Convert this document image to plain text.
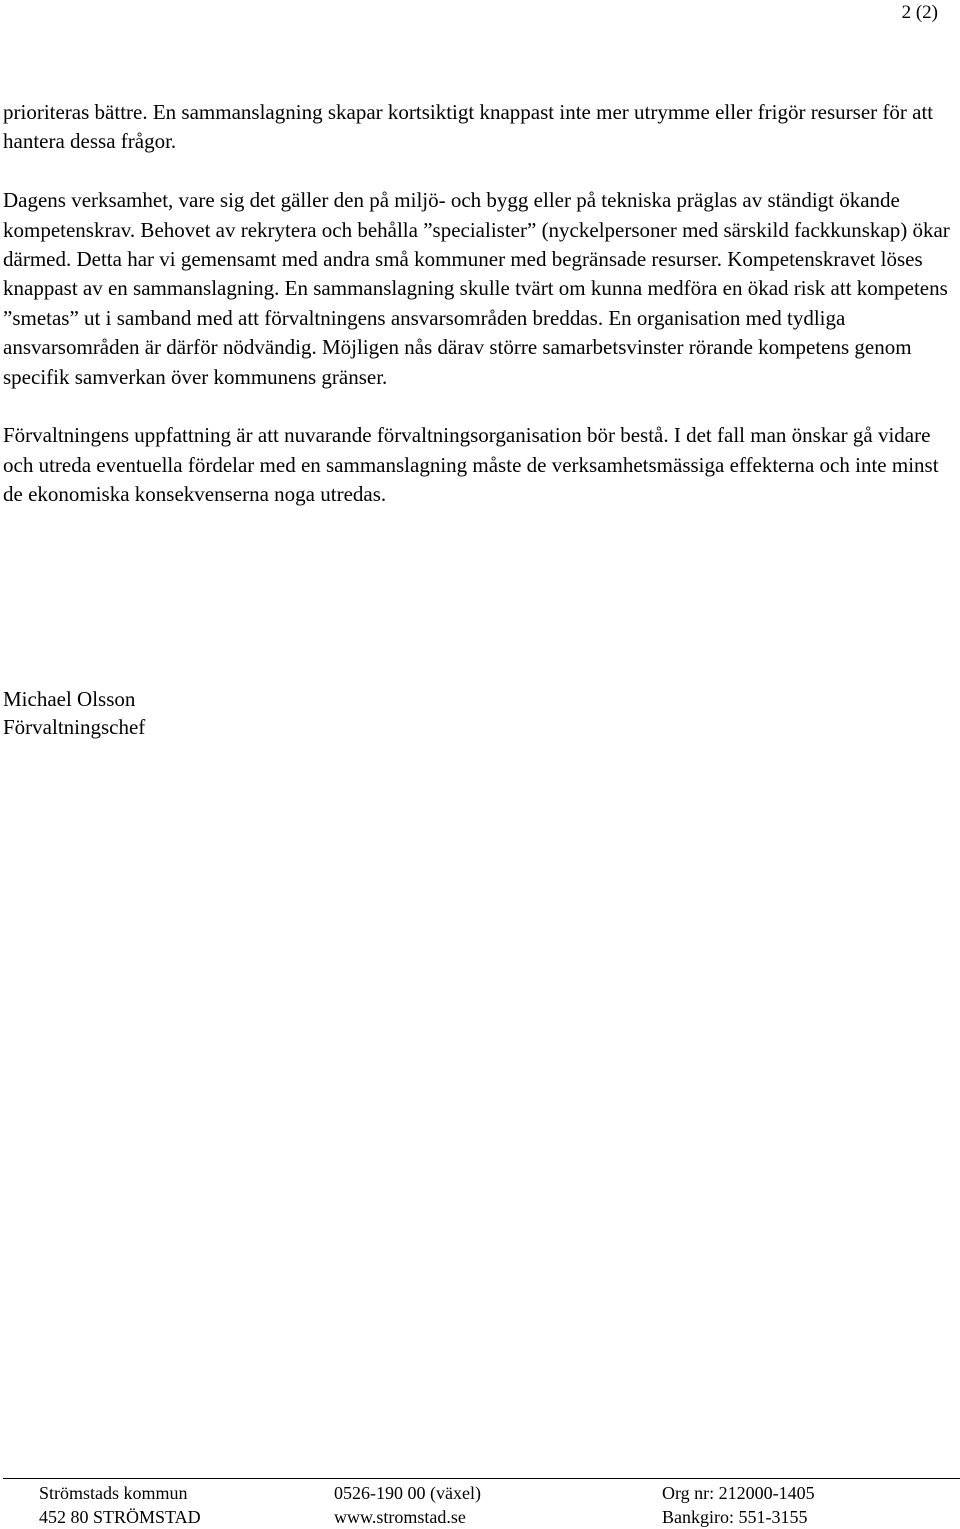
2 (2)

prioriteras bättre. En sammanslagning skapar kortsiktigt knappast inte mer utrymme eller frigör resurser för att hantera dessa frågor.

Dagens verksamhet, vare sig det gäller den på miljö- och bygg eller på tekniska präglas av ständigt ökande kompetenskrav. Behovet av rekrytera och behålla ”specialister” (nyckelpersoner med särskild fackkunskap) ökar därmed. Detta har vi gemensamt med andra små kommuner med begränsade resurser. Kompetenskravet löses knappast av en sammanslagning. En sammanslagning skulle tvärt om kunna medföra en ökad risk att kompetens ”smetas” ut i samband med att förvaltningens ansvarsområden breddas. En organisation med tydliga ansvarsområden är därför nödvändig. Möjligen nås därav större samarbetsvinster rörande kompetens genom specifik samverkan över kommunens gränser.

Förvaltningens uppfattning är att nuvarande förvaltningsorganisation bör bestå. I det fall man önskar gå vidare och utreda eventuella fördelar med en sammanslagning måste de verksamhetsmässiga effekterna och inte minst de ekonomiska konsekvenserna noga utredas.

Michael Olsson
Förvaltningschef
Strömstads kommun
452 80 STRÖMSTAD
0526-190 00 (växel)
www.stromstad.se
Org nr: 212000-1405
Bankgiro: 551-3155
